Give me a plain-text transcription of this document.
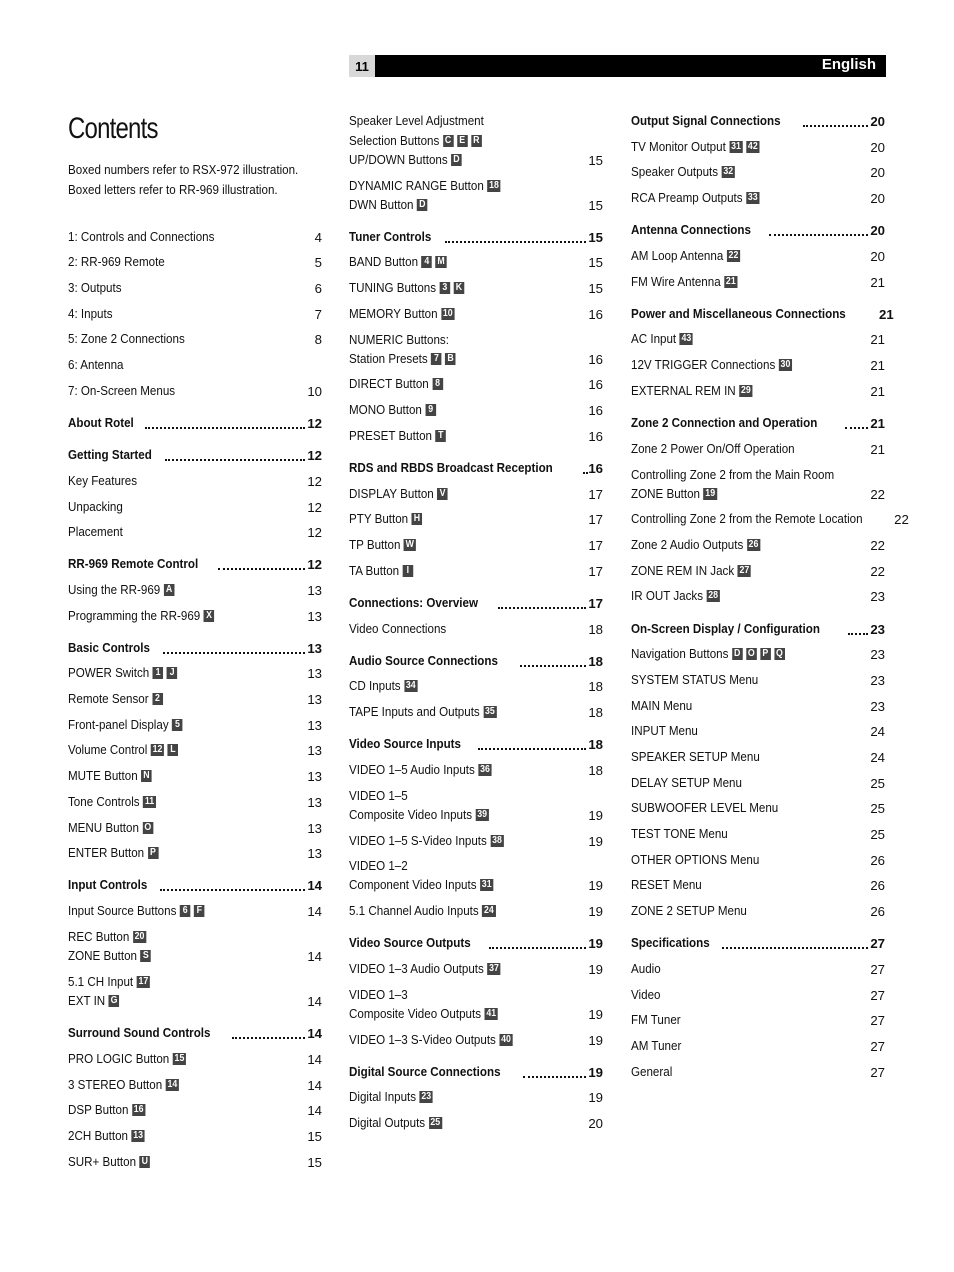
11	English
Contents
Boxed numbers refer to RSX-972 illustration.
Boxed letters refer to RR-969 illustration.
1: Controls and Connections	4
2: RR-969 Remote	5
3: Outputs	6
4: Inputs	7
5: Zone 2 Connections	8
6: Antenna
7: On-Screen Menus	10
About Rotel	12
Getting Started	12
Key Features	12
Unpacking	12
Placement	12
RR-969 Remote Control	12
Using the RR-969 A	13
Programming the RR-969 X	13
Basic Controls	13
POWER Switch 1 J	13
Remote Sensor 2	13
Front-panel Display 5	13
Volume Control 12 L	13
MUTE Button N	13
Tone Controls 11	13
MENU Button O	13
ENTER Button P	13
Input Controls	14
Input Source Buttons 6 F	14
REC Button 20
ZONE Button S	14
5.1 CH Input 17
EXT IN G	14
Surround Sound Controls	14
PRO LOGIC Button 15	14
3 STEREO Button 14	14
DSP Button 16	14
2CH Button 13	15
SUR+ Button U	15
Speaker Level Adjustment
Selection Buttons C E R
UP/DOWN Buttons D	15
DYNAMIC RANGE Button 18
DWN Button D	15
Tuner Controls	15
BAND Button 4 M	15
TUNING Buttons 3 K	15
MEMORY Button 10	16
NUMERIC Buttons:
Station Presets 7 B	16
DIRECT Button 8	16
MONO Button 9	16
PRESET Button T	16
RDS and RBDS Broadcast Reception	16
DISPLAY Button V	17
PTY Button H	17
TP Button W	17
TA Button I	17
Connections: Overview	17
Video Connections	18
Audio Source Connections	18
CD Inputs 34	18
TAPE Inputs and Outputs 35	18
Video Source Inputs	18
VIDEO 1–5 Audio Inputs 36	18
VIDEO 1–5
Composite Video Inputs 39	19
VIDEO 1–5 S-Video Inputs 38	19
VIDEO 1–2
Component Video Inputs 31	19
5.1 Channel Audio Inputs 24	19
Video Source Outputs	19
VIDEO 1–3 Audio Outputs 37	19
VIDEO 1–3
Composite Video Outputs 41	19
VIDEO 1–3 S-Video Outputs 40	19
Digital Source Connections	19
Digital Inputs 23	19
Digital Outputs 25	20
Output Signal Connections	20
TV Monitor Output 31 42	20
Speaker Outputs 32	20
RCA Preamp Outputs 33	20
Antenna Connections	20
AM Loop Antenna 22	20
FM Wire Antenna 21	21
Power and Miscellaneous Connections	21
AC Input 43	21
12V TRIGGER Connections 30	21
EXTERNAL REM IN 29	21
Zone 2 Connection and Operation	21
Zone 2 Power On/Off Operation	21
Controlling Zone 2 from the Main Room
ZONE Button 19	22
Controlling Zone 2 from the Remote Location 22
Zone 2 Audio Outputs 26	22
ZONE REM IN Jack 27	22
IR OUT Jacks 28	23
On-Screen Display / Configuration	23
Navigation Buttons D O P Q	23
SYSTEM STATUS Menu	23
MAIN Menu	23
INPUT Menu	24
SPEAKER SETUP Menu	24
DELAY SETUP Menu	25
SUBWOOFER LEVEL Menu	25
TEST TONE Menu	25
OTHER OPTIONS Menu	26
RESET Menu	26
ZONE 2 SETUP Menu	26
Specifications	27
Audio	27
Video	27
FM Tuner	27
AM Tuner	27
General	27
